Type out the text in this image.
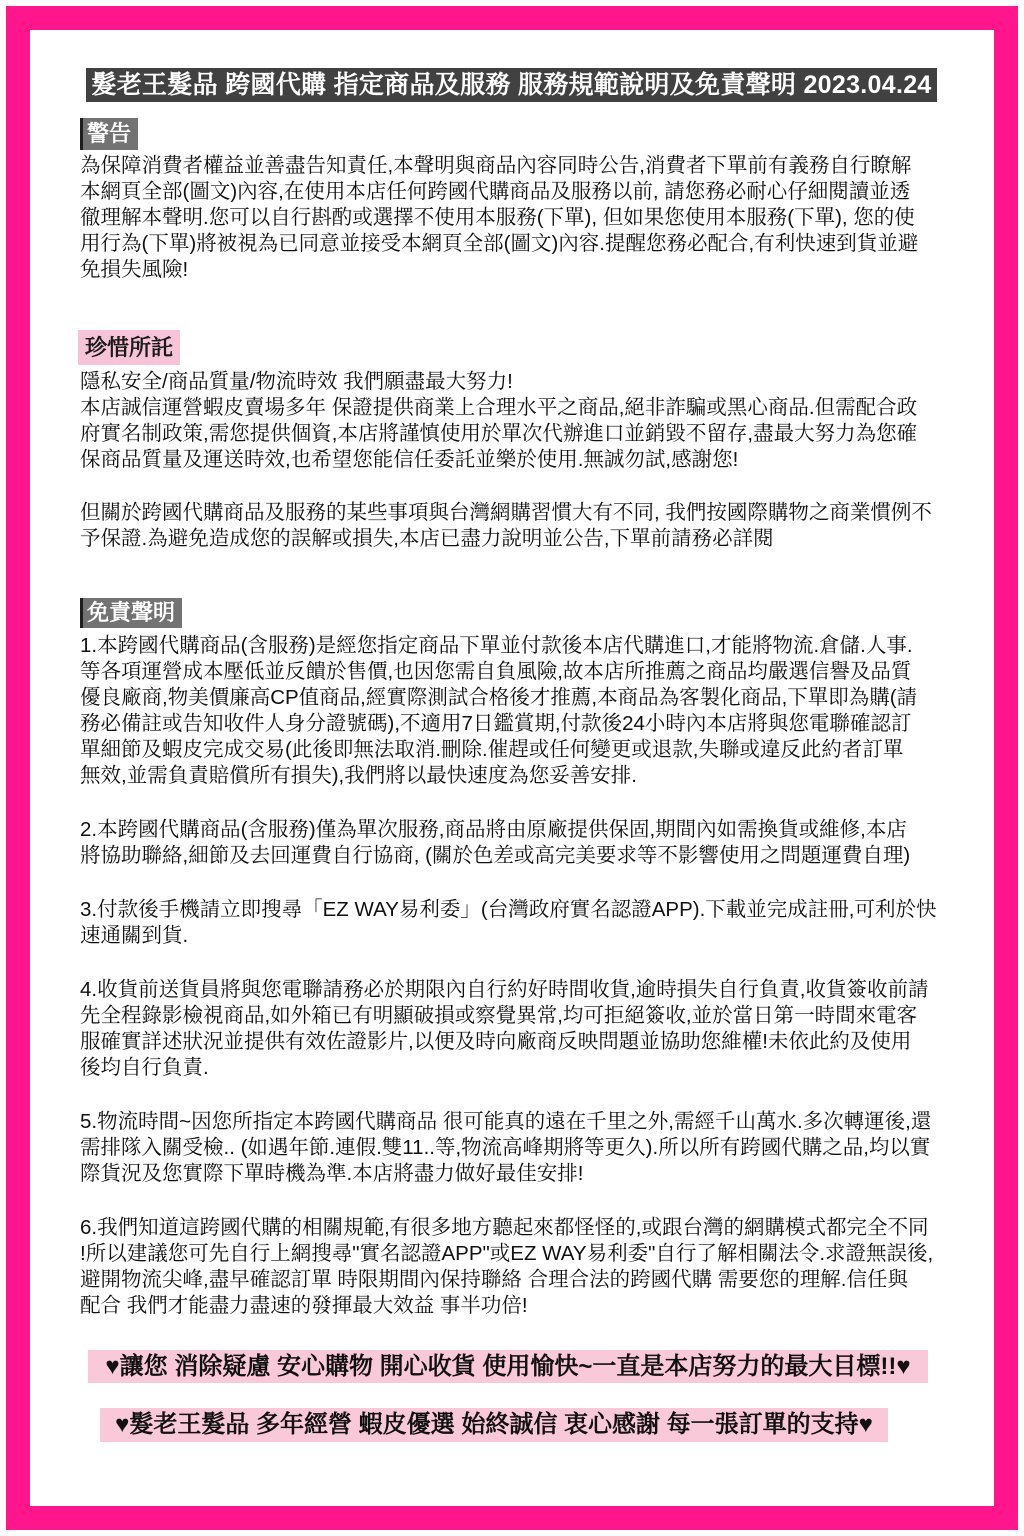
髮老王髮品 跨國代購 指定商品及服務 服務規範說明及免責聲明 2023.04.24
警告
為保障消費者權益並善盡告知責任,本聲明與商品內容同時公告,消費者下單前有義務自行瞭解
本網頁全部(圖文)內容,在使用本店任何跨國代購商品及服務以前, 請您務必耐心仔細閱讀並透
徹理解本聲明.您可以自行斟酌或選擇不使用本服務(下單), 但如果您使用本服務(下單), 您的使
用行為(下單)將被視為已同意並接受本網頁全部(圖文)內容.提醒您務必配合,有利快速到貨並避
免損失風險!
珍惜所託
隱私安全/商品質量/物流時效 我們願盡最大努力!
本店誠信運營蝦皮賣場多年 保證提供商業上合理水平之商品,絕非詐騙或黑心商品.但需配合政
府實名制政策,需您提供個資,本店將謹慎使用於單次代辦進口並銷毀不留存,盡最大努力為您確
保商品質量及運送時效,也希望您能信任委託並樂於使用.無誠勿試,感謝您!
但關於跨國代購商品及服務的某些事項與台灣網購習慣大有不同, 我們按國際購物之商業慣例不
予保證.為避免造成您的誤解或損失,本店已盡力說明並公告,下單前請務必詳閱
免責聲明
1.本跨國代購商品(含服務)是經您指定商品下單並付款後本店代購進口,才能將物流.倉儲.人事.
等各項運營成本壓低並反饋於售價,也因您需自負風險,故本店所推薦之商品均嚴選信譽及品質
優良廠商,物美價廉高CP值商品,經實際測試合格後才推薦,本商品為客製化商品,下單即為購(請
務必備註或告知收件人身分證號碼),不適用7日鑑賞期,付款後24小時內本店將與您電聯確認訂
單細節及蝦皮完成交易(此後即無法取消.刪除.催趕或任何變更或退款,失聯或違反此約者訂單
無效,並需負責賠償所有損失),我們將以最快速度為您妥善安排.
2.本跨國代購商品(含服務)僅為單次服務,商品將由原廠提供保固,期間內如需換貨或維修,本店
將協助聯絡,細節及去回運費自行協商, (關於色差或高完美要求等不影響使用之問題運費自理)
3.付款後手機請立即搜尋「EZ WAY易利委」(台灣政府實名認證APP).下載並完成註冊,可利於快
速通關到貨.
4.收貨前送貨員將與您電聯請務必於期限內自行約好時間收貨,逾時損失自行負責,收貨簽收前請
先全程錄影檢視商品,如外箱已有明顯破損或察覺異常,均可拒絕簽收,並於當日第一時間來電客
服確實詳述狀況並提供有效佐證影片,以便及時向廠商反映問題並協助您維權!未依此約及使用
後均自行負責.
5.物流時間~因您所指定本跨國代購商品 很可能真的遠在千里之外,需經千山萬水.多次轉運後,還
需排隊入關受檢.. (如遇年節.連假.雙11..等,物流高峰期將等更久).所以所有跨國代購之品,均以實
際貨況及您實際下單時機為準.本店將盡力做好最佳安排!
6.我們知道這跨國代購的相關規範,有很多地方聽起來都怪怪的,或跟台灣的網購模式都完全不同
!所以建議您可先自行上網搜尋"實名認證APP"或EZ WAY易利委"自行了解相關法令.求證無誤後,
避開物流尖峰,盡早確認訂單 時限期間內保持聯絡 合理合法的跨國代購 需要您的理解.信任與
配合 我們才能盡力盡速的發揮最大效益 事半功倍!
♥讓您 消除疑慮 安心購物 開心收貨 使用愉快~一直是本店努力的最大目標!!♥
♥髮老王髮品 多年經營 蝦皮優選 始終誠信 衷心感謝 每一張訂單的支持♥
